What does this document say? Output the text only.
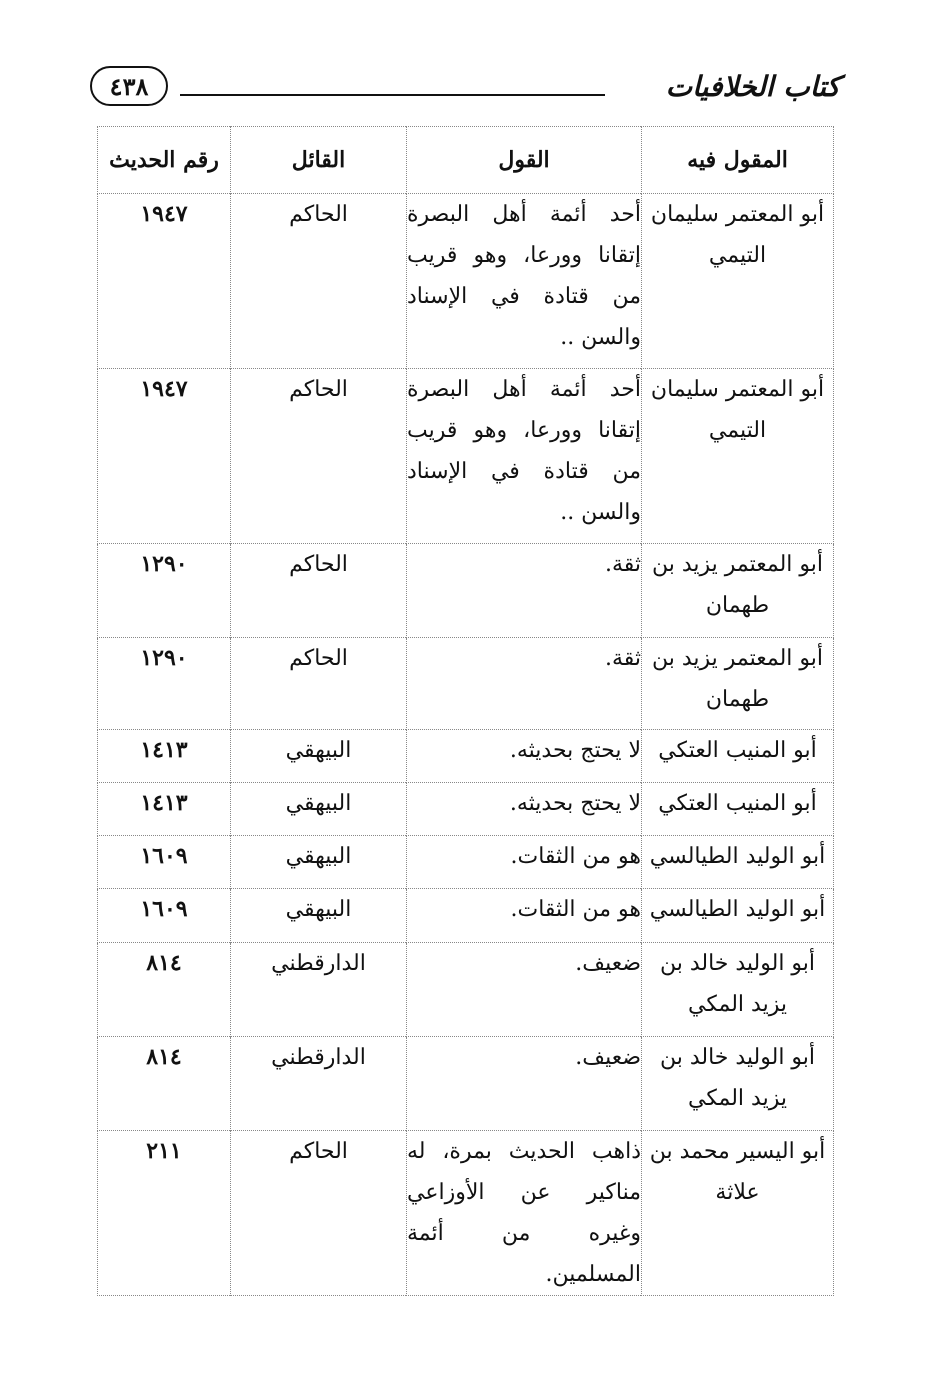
٤٣٨	كتاب الخلافيات
المقول فيه	القول	القائل	رقم الحديث
أبو المعتمر سليمان التيمي	أحد أئمة أهل البصرة إتقانا وورعا، وهو قريب من قتادة في الإسناد والسن ..	الحاكم	١٩٤٧
أبو المعتمر سليمان التيمي	أحد أئمة أهل البصرة إتقانا وورعا، وهو قريب من قتادة في الإسناد والسن ..	الحاكم	١٩٤٧
أبو المعتمر يزيد بن طهمان	ثقة.	الحاكم	١٢٩٠
أبو المعتمر يزيد بن طهمان	ثقة.	الحاكم	١٢٩٠
أبو المنيب العتكي	لا يحتج بحديثه.	البيهقي	١٤١٣
أبو المنيب العتكي	لا يحتج بحديثه.	البيهقي	١٤١٣
أبو الوليد الطيالسي	هو من الثقات.	البيهقي	١٦٠٩
أبو الوليد الطيالسي	هو من الثقات.	البيهقي	١٦٠٩
أبو الوليد خالد بن يزيد المكي	ضعيف.	الدارقطني	٨١٤
أبو الوليد خالد بن يزيد المكي	ضعيف.	الدارقطني	٨١٤
أبو اليسير محمد بن علاثة	ذاهب الحديث بمرة، له مناكير عن الأوزاعي وغيره من أئمة المسلمين.	الحاكم	٢١١
